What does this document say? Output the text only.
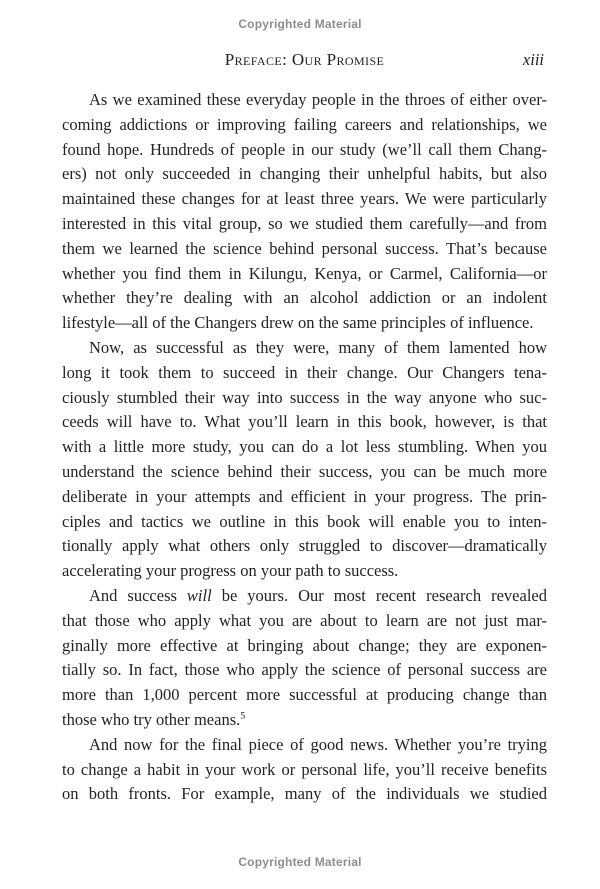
Copyrighted Material
Preface: Our Promise	xiii
As we examined these everyday people in the throes of either over-
coming addictions or improving failing careers and relationships, we
found hope. Hundreds of people in our study (we’ll call them Chang-
ers) not only succeeded in changing their unhelpful habits, but also
maintained these changes for at least three years. We were particularly
interested in this vital group, so we studied them carefully—and from
them we learned the science behind personal success. That’s because
whether you find them in Kilungu, Kenya, or Carmel, California—or
whether they’re dealing with an alcohol addiction or an indolent
lifestyle—all of the Changers drew on the same principles of influence.
Now, as successful as they were, many of them lamented how
long it took them to succeed in their change. Our Changers tena-
ciously stumbled their way into success in the way anyone who suc-
ceeds will have to. What you’ll learn in this book, however, is that
with a little more study, you can do a lot less stumbling. When you
understand the science behind their success, you can be much more
deliberate in your attempts and efficient in your progress. The prin-
ciples and tactics we outline in this book will enable you to inten-
tionally apply what others only struggled to discover—dramatically
accelerating your progress on your path to success.
And success will be yours. Our most recent research revealed
that those who apply what you are about to learn are not just mar-
ginally more effective at bringing about change; they are exponen-
tially so. In fact, those who apply the science of personal success are
more than 1,000 percent more successful at producing change than
those who try other means.$^5$
And now for the final piece of good news. Whether you’re trying
to change a habit in your work or personal life, you’ll receive benefits
on both fronts. For example, many of the individuals we studied
Copyrighted Material
